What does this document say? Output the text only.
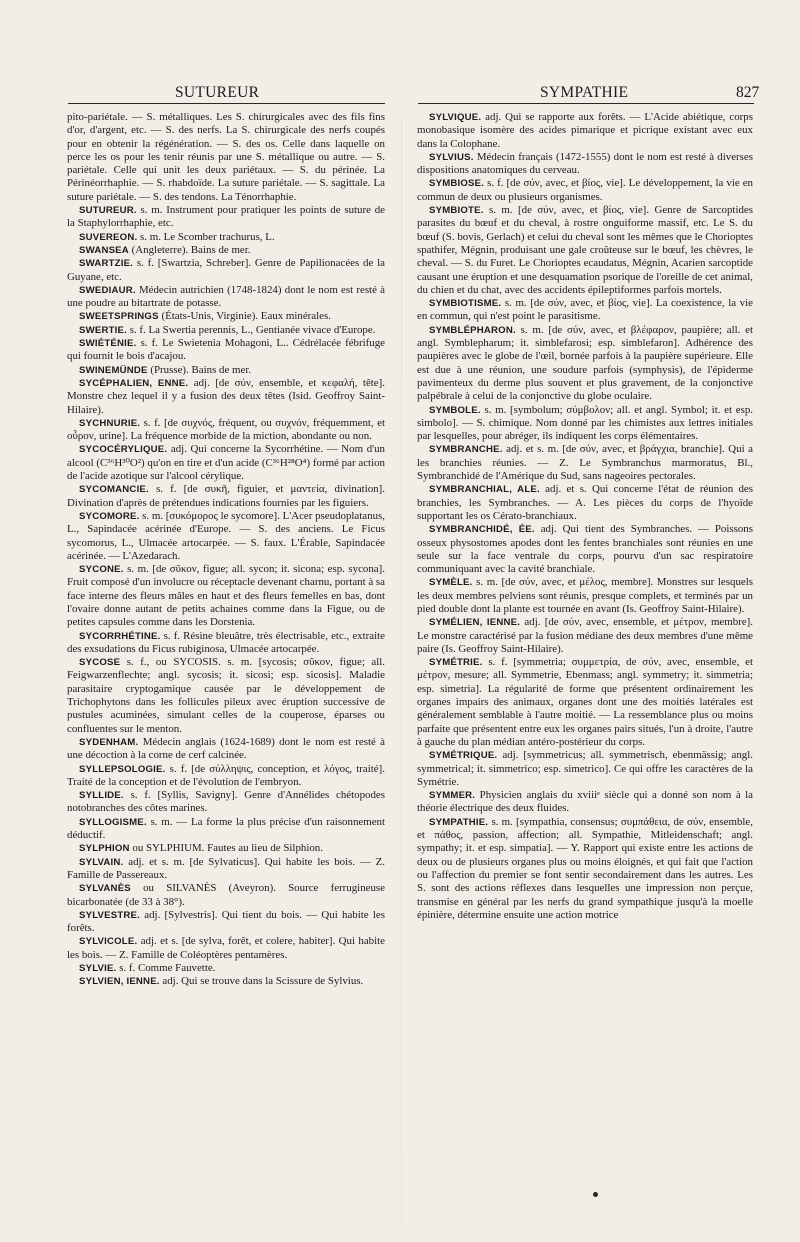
SUTUREUR	SYMPATHIE	827

pito-pariétale. — S. métalliques. Les S. chirurgicales avec des fils fins d'or, d'argent, etc. — S. des nerfs. La S. chirurgicale des nerfs coupés pour en obtenir la régénération. — S. des os. Celle dans laquelle on perce les os pour les tenir réunis par une S. métallique ou autre. — S. pariétale. Celle qui unit les deux pariétaux. — S. du périnée. La Périnéorrhaphie. — S. rhabdoïde. La suture pariétale. — S. sagittale. La suture pariétale. — S. des tendons. La Ténorrhaphie.

SUTUREUR. s. m. Instrument pour pratiquer les points de suture de la Staphylorrhaphie, etc.

SUVEREON. s. m. Le Scomber trachurus, L.

SWANSEA (Angleterre). Bains de mer.

SWARTZIE. s. f. [Swartzia, Schreber]. Genre de Papilionacées de la Guyane, etc.

SWEDIAUR. Médecin autrichien (1748-1824) dont le nom est resté à une poudre au bitartrate de potasse.

SWEETSPRINGS (États-Unis, Virginie). Eaux minérales.

SWERTIE. s. f. La Swertia perennis, L., Gentianée vivace d'Europe.

SWIÉTÉNIE. s. f. Le Swietenia Mohagoni, L.. Cédrélacée fébrifuge qui fournit le bois d'acajou.

SWINEMÜNDE (Prusse). Bains de mer.

SYCÉPHALIEN, ENNE. adj. [de σύν, ensemble, et κεφαλή, tête]. Monstre chez lequel il y a fusion des deux têtes (Isid. Geoffroy Saint-Hilaire).

SYCHNURIE. s. f. [de συχνός, fréquent, ou συχνόν, fréquemment, et οὖρον, urine]. La fréquence morbide de la miction, abondante ou non.

SYCOCÉRYLIQUE. adj. Qui concerne la Sycorrhétine. — Nom d'un alcool (C³⁶H³⁰O²) qu'on en tire et d'un acide (C³⁶H²⁸O⁴) formé par action de l'acide azotique sur l'alcool cérylique.

SYCOMANCIE. s. f. [de συκῆ, figuier, et μαντεία, divination]. Divination d'après de prétendues indications fournies par les figuiers.

SYCOMORE. s. m. [συκόμορος le sycomore]. L'Acer pseudoplatanus, L., Sapindacée acérinée d'Europe. — S. des anciens. Le Ficus sycomorus, L., Ulmacée artocarpée. — S. faux. L'Érable, Sapindacée acérinée. — L'Azedarach.

SYCONE. s. m. [de σῦκον, figue; all. sycon; it. sicona; esp. sycona]. Fruit composé d'un involucre ou réceptacle devenant charnu, portant à sa face interne des fleurs mâles en haut et des fleurs femelles en bas, dont l'ovaire donne autant de petits achaines comme dans la Figue, ou de petites capsules comme dans les Dorstenia.

SYCORRHÉTINE. s. f. Résine bleuâtre, très électrisable, etc., extraite des exsudations du Ficus rubiginosa, Ulmacée artocarpée.

SYCOSE s. f., ou SYCOSIS. s. m. [sycosis; σῦκον, figue; all. Feigwarzenflechte; angl. sycosis; it. sicosi; esp. sicosis]. Maladie parasitaire cryptogamique causée par le développement de Trichophytons dans les follicules pileux avec éruption successive de pustules acuminées, simulant celles de la couperose, éparses ou confluentes sur le menton.

SYDENHAM. Médecin anglais (1624-1689) dont le nom est resté à une décoction à la corne de cerf calcinée.

SYLLEPSOLOGIE. s. f. [de σύλληψις, conception, et λόγος, traité]. Traité de la conception et de l'évolution de l'embryon.

SYLLIDE. s. f. [Syllis, Savigny]. Genre d'Annélides chétopodes notobranches des côtes marines.

SYLLOGISME. s. m. — La forme la plus précise d'un raisonnement déductif.

SYLPHION ou SYLPHIUM. Fautes au lieu de Silphion.

SYLVAIN. adj. et s. m. [de Sylvaticus]. Qui habite les bois. — Z. Famille de Passereaux.

SYLVANÈS ou SILVANÈS (Aveyron). Source ferrugineuse bicarbonatée (de 33 à 38°).

SYLVESTRE. adj. [Sylvestris]. Qui tient du bois. — Qui habite les forêts.

SYLVICOLE. adj. et s. [de sylva, forêt, et colere, habiter]. Qui habite les bois. — Z. Famille de Coléoptères pentamères.

SYLVIE. s. f. Comme Fauvette.

SYLVIEN, IENNE. adj. Qui se trouve dans la Scissure de Sylvius.

SYLVIQUE. adj. Qui se rapporte aux forêts. — L'Acide abiétique, corps monobasique isomère des acides pimarique et picrique existant avec eux dans la Colophane.

SYLVIUS. Médecin français (1472-1555) dont le nom est resté à diverses dispositions anatomiques du cerveau.

SYMBIOSE. s. f. [de σύν, avec, et βίος, vie]. Le développement, la vie en commun de deux ou plusieurs organismes.

SYMBIOTE. s. m. [de σύν, avec, et βίος, vie]. Genre de Sarcoptides parasites du bœuf et du cheval, à rostre onguiforme massif, etc. Le S. du bœuf (S. bovis, Gerlach) et celui du cheval sont les mêmes que le Chorioptes spathifer, Mégnin, produisant une gale croûteuse sur le bœuf, les chèvres, le cheval. — S. du Furet. Le Chorioptes ecaudatus, Mégnin, Acarien sarcoptide causant une éruption et une desquamation psorique de l'oreille de cet animal, du chien et du chat, avec des accidents épileptiformes parfois mortels.

SYMBIOTISME. s. m. [de σύν, avec, et βίος, vie]. La coexistence, la vie en commun, qui n'est point le parasitisme.

SYMBLÉPHARON. s. m. [de σύν, avec, et βλέφαρον, paupière; all. et angl. Symblepharum; it. simblefarosi; esp. simblefaron]. Adhérence des paupières avec le globe de l'œil, bornée parfois à la paupière supérieure. Elle est due à une réunion, une soudure parfois (symphysis), de l'épiderme pavimenteux du derme plus souvent et plus gravement, de la conjonctive palpébrale à celui de la conjonctive du globe oculaire.

SYMBOLE. s. m. [symbolum; σύμβολον; all. et angl. Symbol; it. et esp. simbolo]. — S. chimique. Nom donné par les chimistes aux lettres initiales par lesquelles, pour abréger, ils indiquent les corps élémentaires.

SYMBRANCHE. adj. et s. m. [de σύν, avec, et βράγχια, branchie]. Qui a les branchies réunies. — Z. Le Symbranchus marmoratus, Bl., Symbranchidé de l'Amérique du Sud, sans nageoires pectorales.

SYMBRANCHIAL, ALE. adj. et s. Qui concerne l'état de réunion des branchies, les Symbranches. — A. Les pièces du corps de l'hyoïde supportant les os Cérato-branchiaux.

SYMBRANCHIDÉ, ÉE. adj. Qui tient des Symbranches. — Poissons osseux physostomes apodes dont les fentes branchiales sont réunies en une seule sur la face ventrale du corps, pourvu d'un sac respiratoire communiquant avec la cavité branchiale.

SYMÈLE. s. m. [de σύν, avec, et μέλος, membre]. Monstres sur lesquels les deux membres pelviens sont réunis, presque complets, et terminés par un pied double dont la plante est tournée en avant (Is. Geoffroy Saint-Hilaire).

SYMÉLIEN, IENNE. adj. [de σύν, avec, ensemble, et μέτρον, membre]. Le monstre caractérisé par la fusion médiane des deux membres d'une même paire (Is. Geoffroy Saint-Hilaire).

SYMÉTRIE. s. f. [symmetria; συμμετρία, de σύν, avec, ensemble, et μέτρον, mesure; all. Symmetrie, Ebenmass; angl. symmetry; it. simmetria; esp. simetria]. La régularité de forme que présentent ordinairement les organes impairs des animaux, organes dont une des moitiés latérales est généralement semblable à l'autre moitié. — La ressemblance plus ou moins parfaite que présentent entre eux les organes pairs situés, l'un à droite, l'autre à gauche du plan médian antéro-postérieur du corps.

SYMÉTRIQUE. adj. [symmetricus; all. symmetrisch, ebenmässig; angl. symmetrical; it. simmetrico; esp. simetrico]. Ce qui offre les caractères de la Symétrie.

SYMMER. Physicien anglais du xviiiᵉ siècle qui a donné son nom à la théorie électrique des deux fluides.

SYMPATHIE. s. m. [sympathia, consensus; συμπάθεια, de σύν, ensemble, et πάθος, passion, affection; all. Sympathie, Mitleidenschaft; angl. sympathy; it. et esp. simpatia]. — Y. Rapport qui existe entre les actions de deux ou de plusieurs organes plus ou moins éloignés, et qui fait que l'action ou l'affection du premier se font sentir secondairement dans les autres. Les S. sont des actions réflexes dans lesquelles une impression non perçue, transmise en général par les nerfs du grand sympathique jusqu'à la moelle épinière, détermine ensuite une action motrice
